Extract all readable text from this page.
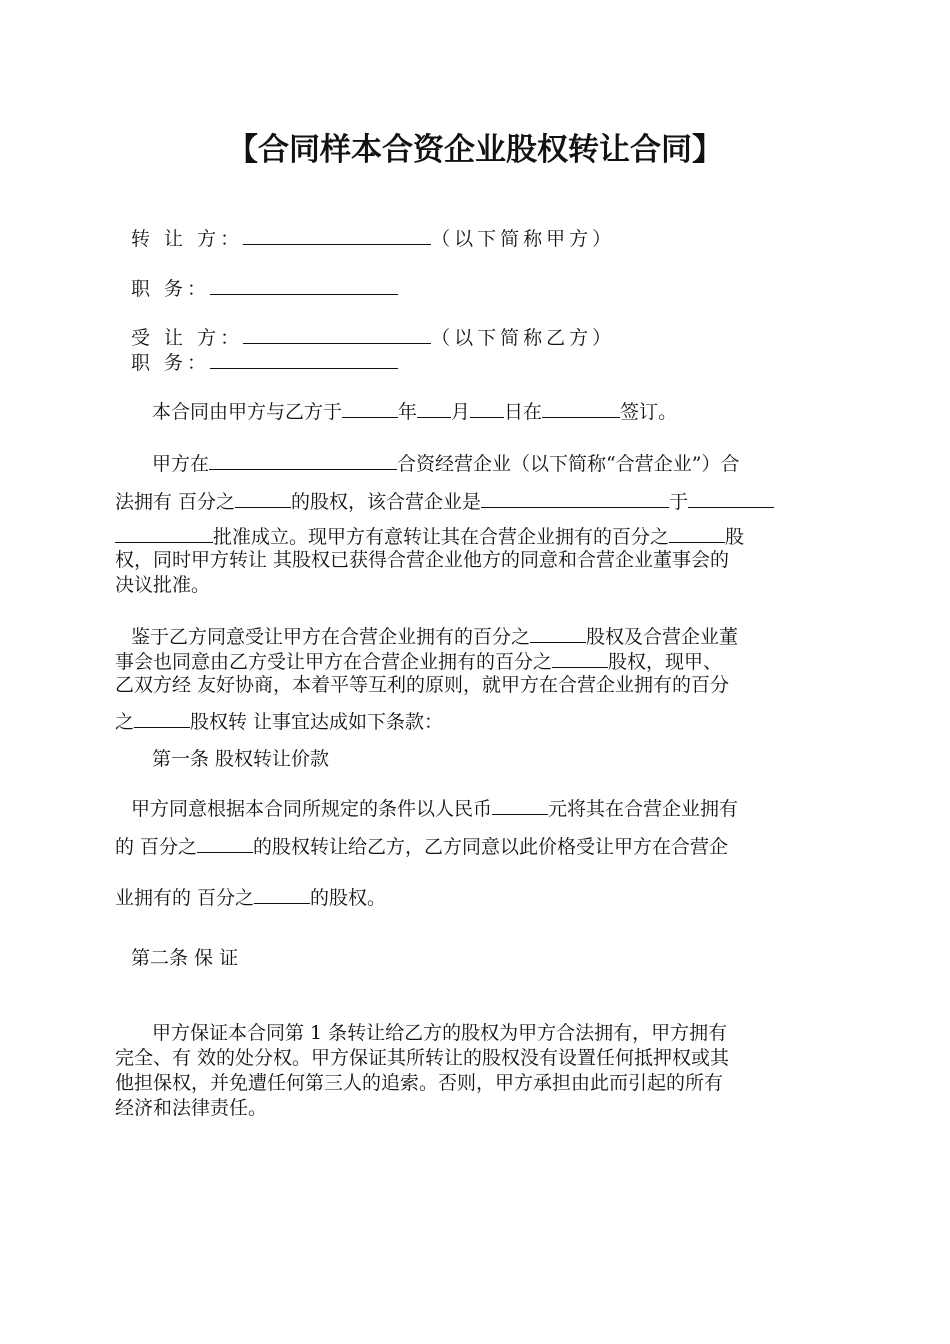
【合同样本合资企业股权转让合同】
转 让 方：	（以下简称甲方）
职 务：
受 让 方：	（以下简称乙方）
职 务：
本合同由甲方与乙方于	年 月 日在	签订。
甲方在	合资经营企业（以下简称“合营企业”）合
法拥有 百分之	的股权，该合营企业是	于
批准成立。现甲方有意转让其在合营企业拥有的百分之	股
权，同时甲方转让 其股权已获得合营企业他方的同意和合营企业董事会的
决议批准。
鉴于乙方同意受让甲方在合营企业拥有的百分之	股权及合营企业董
事会也同意由乙方受让甲方在合营企业拥有的百分之	股权，现甲、
乙双方经 友好协商，本着平等互利的原则，就甲方在合营企业拥有的百分
之	股权转 让事宜达成如下条款：
第一条 股权转让价款
甲方同意根据本合同所规定的条件以人民币	元将其在合营企业拥有
的 百分之	的股权转让给乙方，乙方同意以此价格受让甲方在合营企
业拥有的 百分之	的股权。
第二条 保 证
甲方保证本合同第 1 条转让给乙方的股权为甲方合法拥有，甲方拥有
完全、有 效的处分权。甲方保证其所转让的股权没有设置任何抵押权或其
他担保权，并免遭任何第三人的追索。否则，甲方承担由此而引起的所有
经济和法律责任。
